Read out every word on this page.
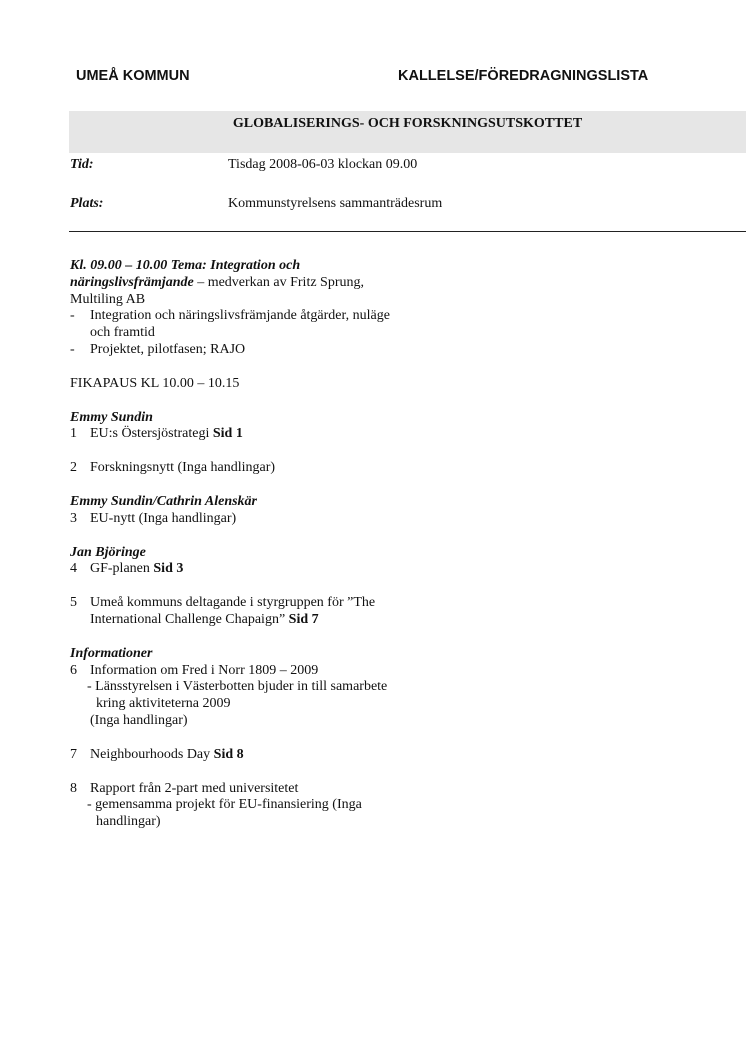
UMEÅ KOMMUN	KALLELSE/FÖREDRAGNINGSLISTA
GLOBALISERINGS- OCH FORSKNINGSUTSKOTTET
Tid:	Tisdag 2008-06-03 klockan 09.00
Plats:	Kommunstyrelsens sammanträdesrum
Kl. 09.00 – 10.00 Tema: Integration och näringslivsfrämjande – medverkan av Fritz Sprung, Multiling AB
-	Integration och näringslivsfrämjande åtgärder, nuläge och framtid
-	Projektet, pilotfasen; RAJO
FIKAPAUS KL 10.00 – 10.15
Emmy Sundin
1 EU:s Östersjöstrategi Sid 1
2 Forskningsnytt (Inga handlingar)
Emmy Sundin/Cathrin Alenskär
3 EU-nytt (Inga handlingar)
Jan Björinge
4 GF-planen Sid 3
5 Umeå kommuns deltagande i styrgruppen för ”The International Challenge Chapaign” Sid 7
Informationer
6 Information om Fred i Norr 1809 – 2009
- Länsstyrelsen i Västerbotten bjuder in till samarbete kring aktiviteterna 2009
(Inga handlingar)
7 Neighbourhoods Day Sid 8
8 Rapport från 2-part med universitetet
- gemensamma projekt för EU-finansiering (Inga handlingar)
